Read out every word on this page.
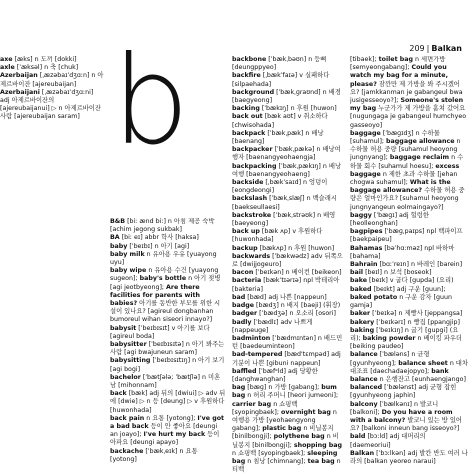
209 | Balkan
b

axe [æks] n 도끼 [dokki]

axle [ˈæksəl] n 축 [chuk]

Azerbaijan [ˌæzəbaɪˈdʒɑːn] n 아제르바이잔 [ajereubaijan]

Azerbaijani [ˌæzəbaɪˈdʒɑːni] adj 아제르바이잔의 [ajereubaijanui] ▷ n 아제르바이잔 사람 [ajereubaijan saram]

B&B [biː ænd biː] n 아침 제공 숙박 [achim jegong sukbak]

BA [biː eɪ] abbr 학사 [haksa]

baby [ˈbeɪbɪ] n 아기 [agi]

baby milk n 유아용 우유 [yuayong uyu]

baby wipe n 유아용 수건 [yuayong sugeon]; baby's bottle n 아기 젖병 [agi jeotbyeong]; Are there facilities for parents with babies? 아기를 동반한 부모를 위한 시설이 있나요? [agireul dongbanhan bumoreul wihan siseori innayo?]

babysit [ˈbeɪbɪsɪt] v 아기를 보다 [agireul boda]

babysitter [ˈbeɪbɪsɪtə] n 아기 봐주는 사람 [agi bwajuneun saram]

babysitting [ˈbeɪbɪsɪtɪŋ] n 아기 보기 [agi bogi]

bachelor [ˈbætʃələ; ˈbætʃlə] n 미혼남 [mihonnam]

back [bæk] adj 뒤의 [dwiui] ▷ adv 뒤에 [dwie] ▷ n 등 [deung] ▷ v 후원하다 [huwonhada]

back pain n 요통 [yotong]; I've got a bad back 등이 안 좋아요 [deungi an joayo]; I've hurt my back 등이 아파요 [deungi apayo]

backache [ˈbækˌeɪk] n 요통 [yotong]

backbone [ˈbækˌbəʊn] n 등뼈 [deungppyeo]

backfire [ˌbækˈfaɪə] v 실패하다 [silpaehada]

background [ˈbækˌɡraʊnd] n 배경 [baegyeong]

backing [ˈbækɪŋ] n 후원 [huwon]

back out [bæk aʊt] v 취소하다 [chwisohada]

backpack [ˈbækˌpæk] n 배낭 [baenang]

backpacker [ˈbækˌpækə] n 배낭여행자 [baenangyeohaengja]

backpacking [ˈbækˌpækɪŋ] n 배낭여행 [baenangyeohaeng]

backside [ˌbækˈsaɪd] n 엉덩이 [eongdeongi]

backslash [ˈbækˌslæʃ] n 백슬래시 [baekseullaesi]

backstroke [ˈbækˌstrəʊk] n 배영 [baeyeong]

back up [bæk ʌp] v 후원하다 [huwonhada]

backup [bækʌp] n 후원 [huwon]

backwards [ˈbækwədz] adv 뒤쪽으로 [dwijjogeuro]

bacon [ˈbeɪkən] n 베이컨 [beikeon]

bacteria [bækˈtɪərɪə] npl 박테리아 [bakteria]

bad [bæd] adj 나쁜 [nappeun]

badge [bædʒ] n 배지 [baeji] (휘장)

badger [ˈbædʒə] n 오소리 [osori]

badly [ˈbædlɪ] adv 나쁘게 [nappeuge]

badminton [ˈbædmɪntən] n 배드민턴 [baedeuminteon]

bad-tempered [bæd'tɛmpəd] adj 기분이 나쁜 [gibuni nappeun]

baffled [ˈbæfᵊld] adj 당황한 [danghwanghan]

bag [bæɡ] n 가방 [gabang]; bum bag n 허리 주머니 [heori jumeoni]; carrier bag n 쇼핑백 [syopingbaek]; overnight bag n 여행용 가방 [yeohaengyong gabang]; plastic bag n 비닐봉지 [binilbongji]; polythene bag n 비닐봉지 [binilbongji]; shopping bag n 쇼핑백 [syopingbaek]; sleeping bag n 침낭 [chimnang]; tea bag n 티백

[tibaek]; toilet bag n 세면가방 [semyeongabang]; Could you watch my bag for a minute, please? 잠깐만 제 가방을 봐 주시겠어요? [jamkkanman je gabangeul bwa jusigesseoyo?]; Someone's stolen my bag 누군가가 제 가방을 훔쳐 갔어요 [nugungaga je gabangeul humchyeo gasseoyo]

baggage [ˈbæɡɪdʒ] n 수하물 [suhamul]; baggage allowance n 수하물 허용 중량 [suhamul heoyong jungnyang]; baggage reclaim n 수하물 회수 [suhamul hoesu]; excess baggage n 제한 초과 수하물 [jehan chogwa suhamul]; What is the baggage allowance? 수하물 허용 중량은 얼마인가요? [suhamul heoyong jungnyangeun eolmaingayo?]

baggy [ˈbæɡɪ] adj 헐렁한 [heolleonghan]

bagpipes [ˈbæɡˌpaɪps] npl 백파이프 [baekpaipeu]

Bahamas [bəˈhɑːməz] npl 바하마 [bahama]

Bahrain [bɑːˈreɪn] n 바레인 [barein]

bail [beɪl] n 보석 [boseok]

bake [beɪk] v 굽다 [gupda] (요리)

baked [beɪkt] adj 구운 [guun]; baked potato n 구운 감자 [guun gamja]

baker [ˈbeɪkə] n 제빵사 [jeppangsa]

bakery [ˈbeɪkərɪ] n 빵집 [ppangjip]

baking [ˈbeɪkɪŋ] n 굽기 [gupgi] (요리); baking powder n 베이킹 파우더 [beiking paudeo]

balance [ˈbæləns] n 균형 [gyunhyeong]; balance sheet n 대차대조표 [daechadaejopyo]; bank balance n 은행잔고 [eunhaengjango]

balanced [ˈbælənst] adj 균형 잡힌 [gyunhyeong japhin]

balcony [ˈbælkənɪ] n 발코니 [balkoni]; Do you have a room with a balcony? 발코니 있는 방 있어요? [balkoni inneun bang isseoyo?]

bald [bɔːld] adj 대머리의 [daemeoriui]

Balkan [ˈbɔːlkən] adj 발칸 반도 여러 나라의 [balkan yeoreo naraui]
